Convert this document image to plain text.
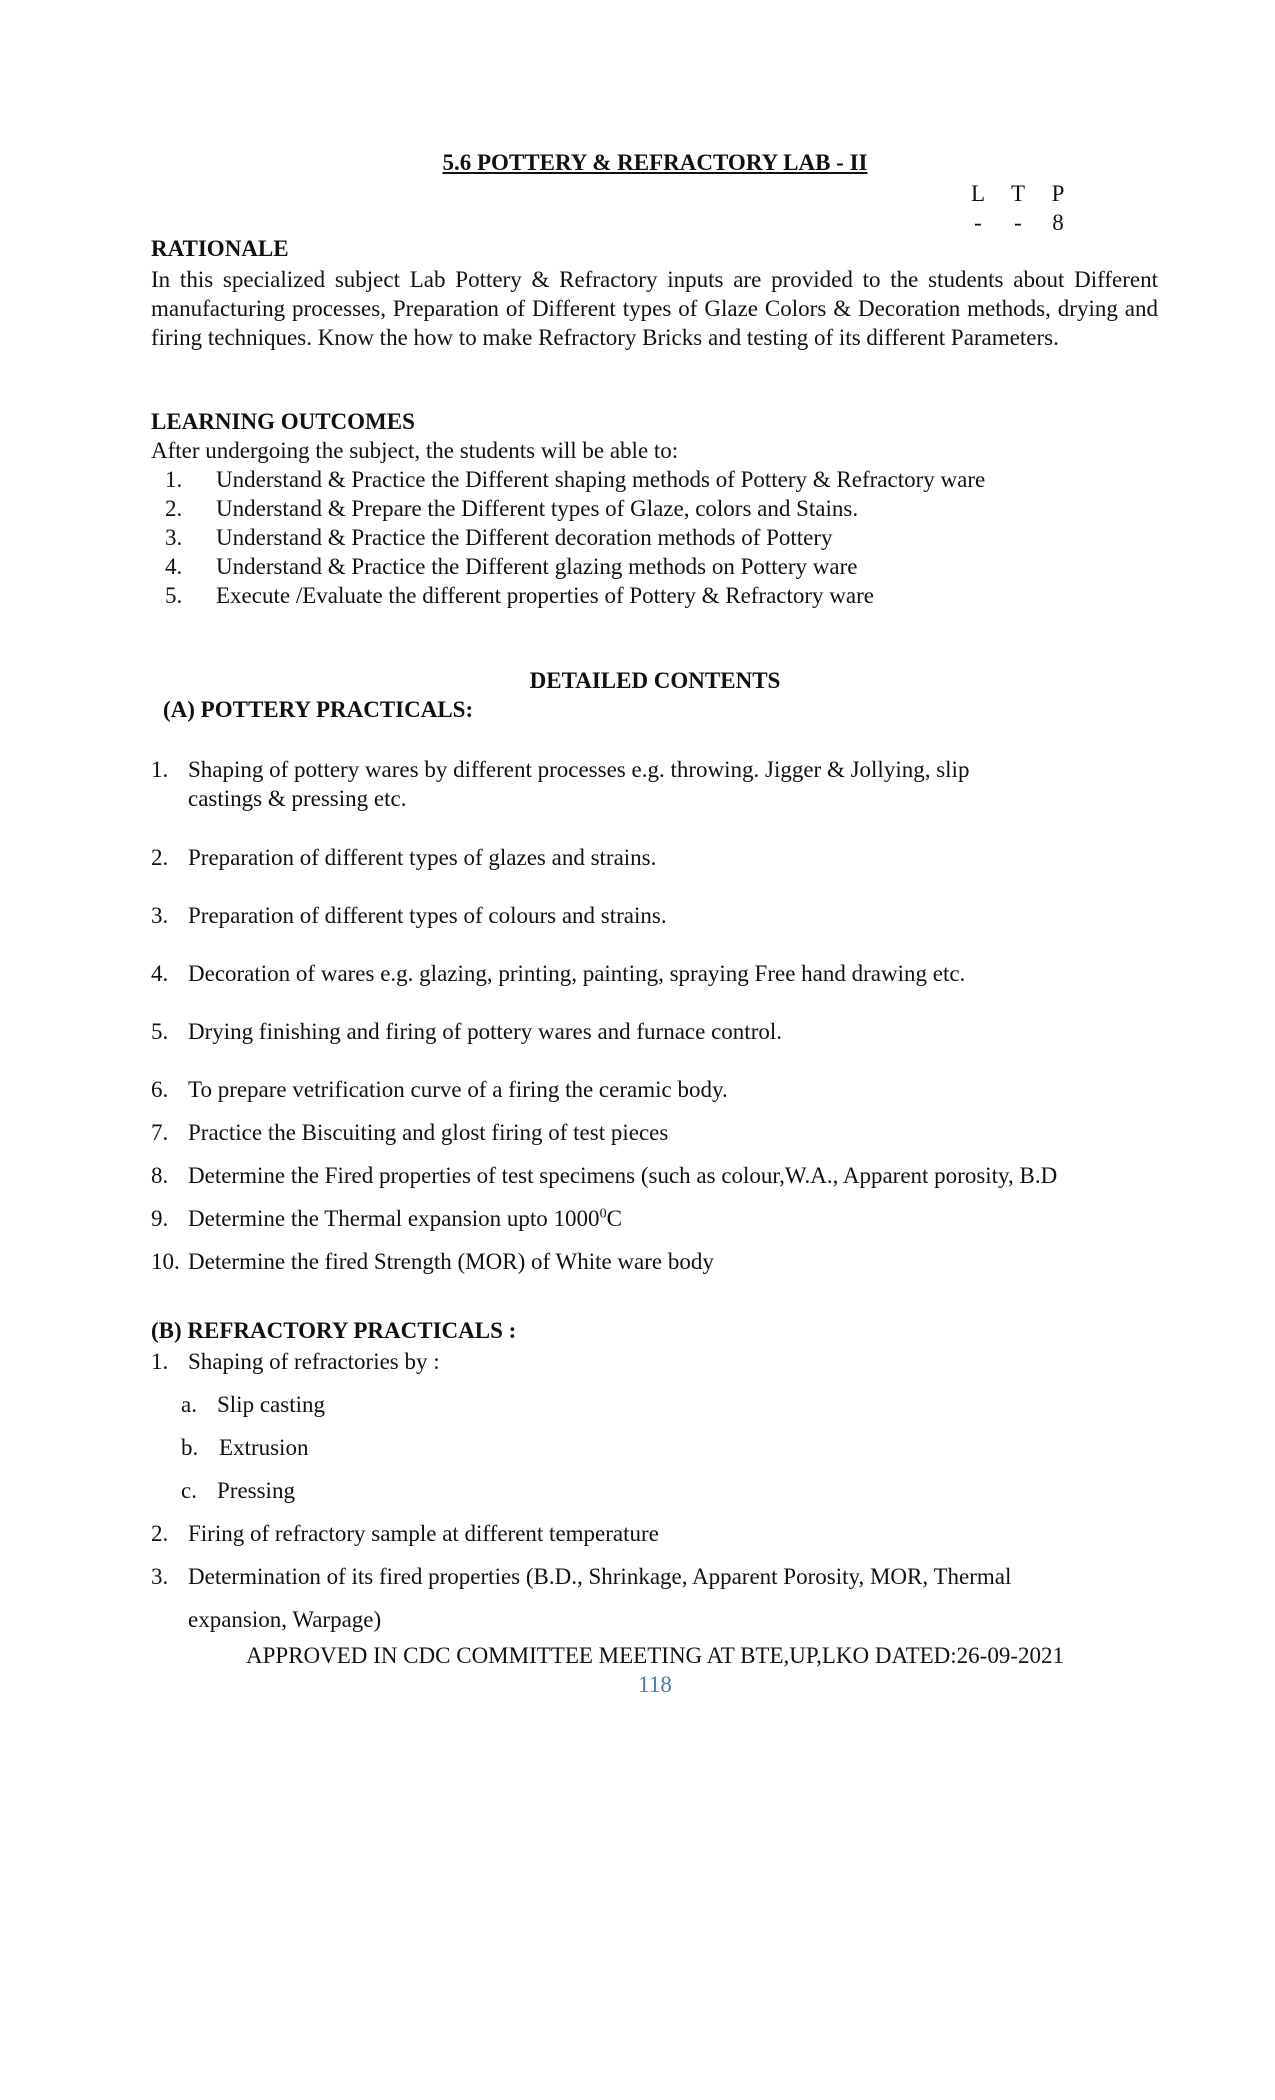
5.6 POTTERY & REFRACTORY LAB - II
L T P
- - 8
RATIONALE
In this specialized subject Lab Pottery & Refractory inputs are provided to the students about Different manufacturing processes, Preparation of Different types of Glaze Colors & Decoration methods, drying and firing techniques. Know the how to make Refractory Bricks and testing of its different Parameters.
LEARNING OUTCOMES
After undergoing the subject, the students will be able to:
1. Understand & Practice the Different shaping methods of Pottery & Refractory ware
2. Understand & Prepare the Different types of Glaze, colors and Stains.
3. Understand & Practice the Different decoration methods of Pottery
4. Understand & Practice the Different glazing methods on Pottery ware
5. Execute /Evaluate the different properties of Pottery & Refractory ware
DETAILED CONTENTS
(A) POTTERY PRACTICALS:
1. Shaping of pottery wares by different processes e.g. throwing. Jigger & Jollying, slip
castings & pressing etc.
2. Preparation of different types of glazes and strains.
3. Preparation of different types of colours and strains.
4. Decoration of wares e.g. glazing, printing, painting, spraying Free hand drawing etc.
5. Drying finishing and firing of pottery wares and furnace control.
6. To prepare vetrification curve of a firing the ceramic body.
7. Practice the Biscuiting and glost firing of test pieces
8. Determine the Fired properties of test specimens (such as colour,W.A., Apparent porosity, B.D
9. Determine the Thermal expansion upto 1000$^0$C
10. Determine the fired Strength (MOR) of White ware body
(B) REFRACTORY PRACTICALS :
1. Shaping of refractories by :
a. Slip casting
b. Extrusion
c. Pressing
2. Firing of refractory sample at different temperature
3. Determination of its fired properties (B.D., Shrinkage, Apparent Porosity, MOR, Thermal
expansion, Warpage)
APPROVED IN CDC COMMITTEE MEETING AT BTE,UP,LKO DATED:26-09-2021
118
